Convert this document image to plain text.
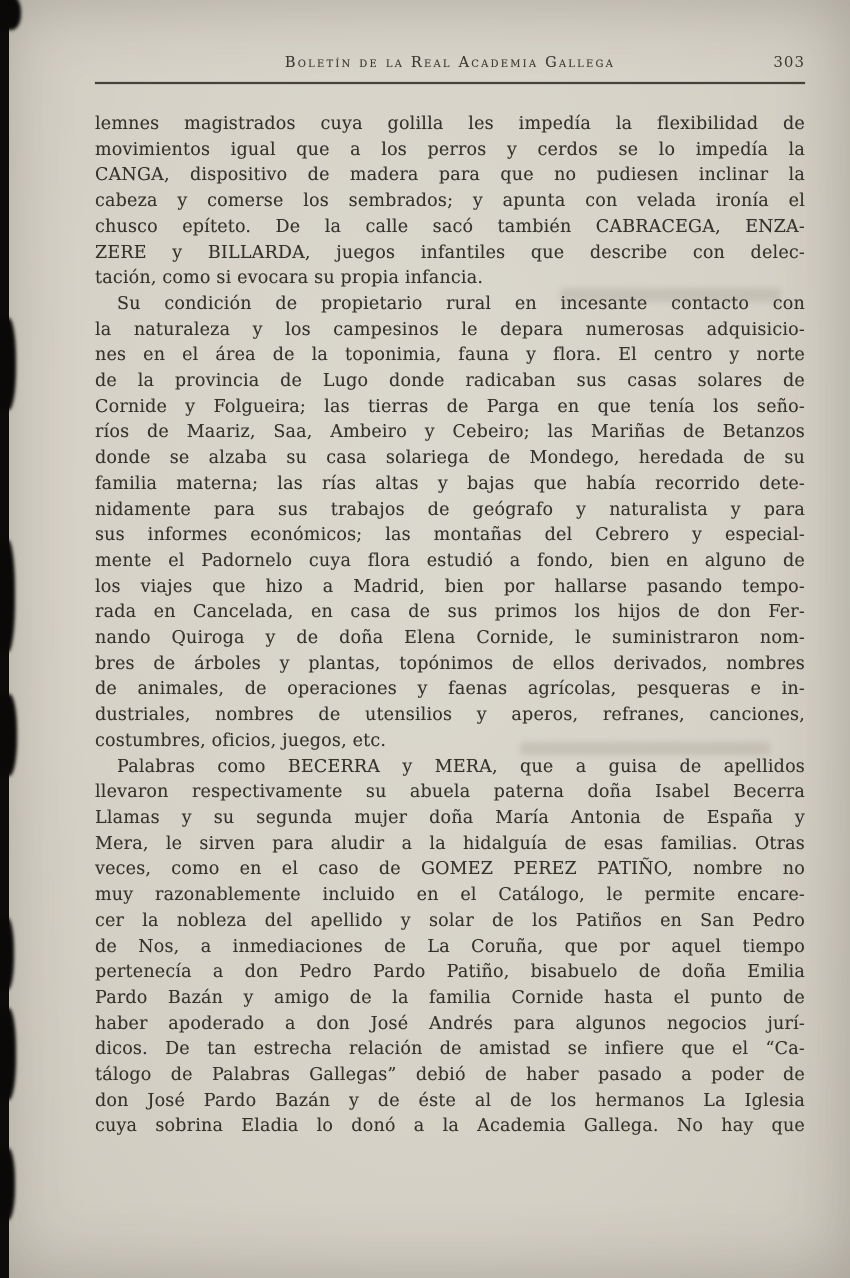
Boletín de la Real Academia Gallega	303
lemnes magistrados cuya golilla les impedía la flexibilidad de
movimientos igual que a los perros y cerdos se lo impedía la
CANGA, dispositivo de madera para que no pudiesen inclinar la
cabeza y comerse los sembrados; y apunta con velada ironía el
chusco epíteto. De la calle sacó también CABRACEGA, ENZA-
ZERE y BILLARDA, juegos infantiles que describe con delec-
tación, como si evocara su propia infancia.
Su condición de propietario rural en incesante contacto con
la naturaleza y los campesinos le depara numerosas adquisicio-
nes en el área de la toponimia, fauna y flora. El centro y norte
de la provincia de Lugo donde radicaban sus casas solares de
Cornide y Folgueira; las tierras de Parga en que tenía los seño-
ríos de Maariz, Saa, Ambeiro y Cebeiro; las Mariñas de Betanzos
donde se alzaba su casa solariega de Mondego, heredada de su
familia materna; las rías altas y bajas que había recorrido dete-
nidamente para sus trabajos de geógrafo y naturalista y para
sus informes económicos; las montañas del Cebrero y especial-
mente el Padornelo cuya flora estudió a fondo, bien en alguno de
los viajes que hizo a Madrid, bien por hallarse pasando tempo-
rada en Cancelada, en casa de sus primos los hijos de don Fer-
nando Quiroga y de doña Elena Cornide, le suministraron nom-
bres de árboles y plantas, topónimos de ellos derivados, nombres
de animales, de operaciones y faenas agrícolas, pesqueras e in-
dustriales, nombres de utensilios y aperos, refranes, canciones,
costumbres, oficios, juegos, etc.
Palabras como BECERRA y MERA, que a guisa de apellidos
llevaron respectivamente su abuela paterna doña Isabel Becerra
Llamas y su segunda mujer doña María Antonia de España y
Mera, le sirven para aludir a la hidalguía de esas familias. Otras
veces, como en el caso de GOMEZ PEREZ PATIÑO, nombre no
muy razonablemente incluido en el Catálogo, le permite encare-
cer la nobleza del apellido y solar de los Patiños en San Pedro
de Nos, a inmediaciones de La Coruña, que por aquel tiempo
pertenecía a don Pedro Pardo Patiño, bisabuelo de doña Emilia
Pardo Bazán y amigo de la familia Cornide hasta el punto de
haber apoderado a don José Andrés para algunos negocios jurí-
dicos. De tan estrecha relación de amistad se infiere que el “Ca-
tálogo de Palabras Gallegas” debió de haber pasado a poder de
don José Pardo Bazán y de éste al de los hermanos La Iglesia
cuya sobrina Eladia lo donó a la Academia Gallega. No hay que
